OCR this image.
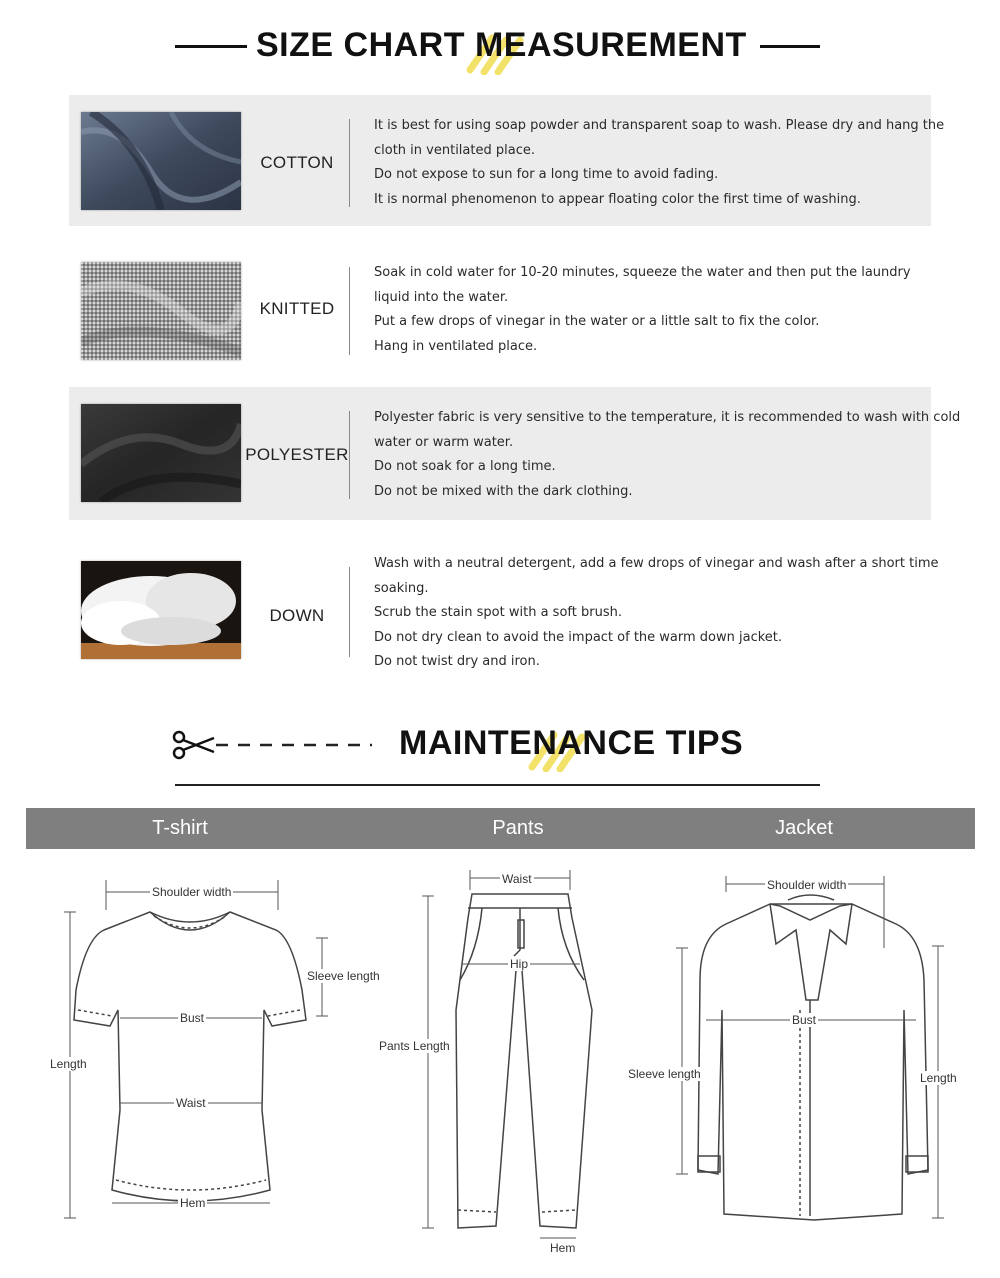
SIZE CHART MEASUREMENT
COTTON
It is best for using soap powder and transparent soap to wash. Please dry and hang the
cloth in ventilated place.
Do not expose to sun for a long time to avoid fading.
It is normal phenomenon to appear floating color the first time of washing.
KNITTED
Soak in cold water for 10-20 minutes, squeeze the water and then put the laundry
liquid into the water.
Put a few drops of vinegar in the water or a little salt to fix the color.
Hang in ventilated place.
POLYESTER
Polyester fabric is very sensitive to the temperature, it is recommended to wash with cold
water or warm water.
Do not soak for a long time.
Do not be mixed with the dark clothing.
DOWN
Wash with a neutral detergent, add a few drops of vinegar and wash after a short time
soaking.
Scrub the stain spot with a soft brush.
Do not dry clean to avoid the impact of the warm down jacket.
Do not twist dry and iron.
MAINTENANCE TIPS
T-shirt	Pants	Jacket
Shoulder width
Sleeve length
Bust
Length
Waist
Hem
Waist
Hip
Pants Length
Hem
Shoulder width
Bust
Sleeve length	Length
